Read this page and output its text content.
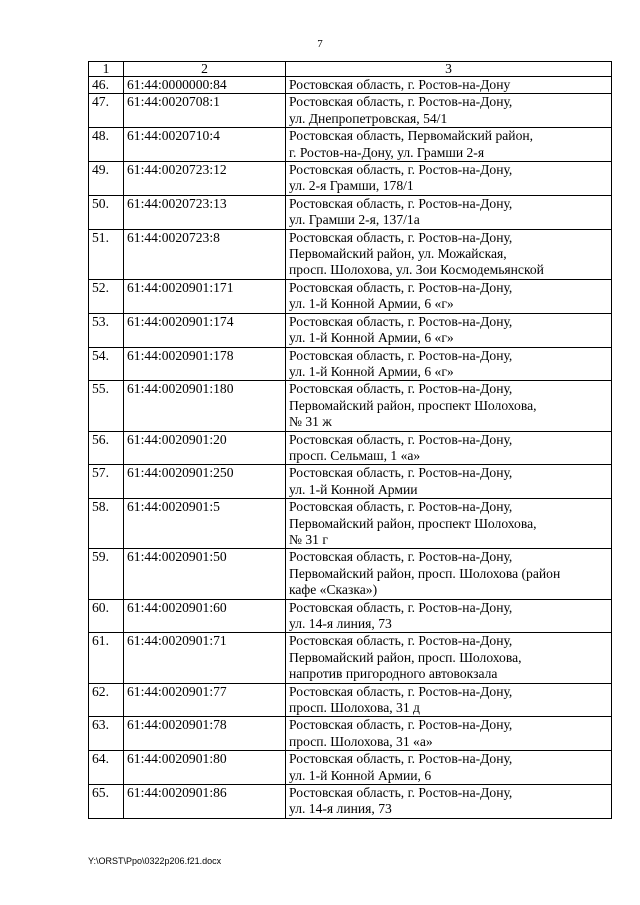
7
1	2	3
46.	61:44:0000000:84	Ростовская область, г. Ростов-на-Дону

47.	61:44:0020708:1	Ростовская область, г. Ростов-на-Дону,
ул. Днепропетровская, 54/1

48.	61:44:0020710:4	Ростовская область, Первомайский район,
г. Ростов-на-Дону, ул. Грамши 2-я

49.	61:44:0020723:12	Ростовская область, г. Ростов-на-Дону,
ул. 2-я Грамши, 178/1

50.	61:44:0020723:13	Ростовская область, г. Ростов-на-Дону,
ул. Грамши 2-я, 137/1а

51.	61:44:0020723:8	Ростовская область, г. Ростов-на-Дону,
Первомайский район, ул. Можайская,
просп. Шолохова, ул. Зои Космодемьянской

52.	61:44:0020901:171	Ростовская область, г. Ростов-на-Дону,
ул. 1-й Конной Армии, 6 «г»

53.	61:44:0020901:174	Ростовская область, г. Ростов-на-Дону,
ул. 1-й Конной Армии, 6 «г»

54.	61:44:0020901:178	Ростовская область, г. Ростов-на-Дону,
ул. 1-й Конной Армии, 6 «г»

55.	61:44:0020901:180	Ростовская область, г. Ростов-на-Дону,
Первомайский район, проспект Шолохова,
№ 31 ж

56.	61:44:0020901:20	Ростовская область, г. Ростов-на-Дону,
просп. Сельмаш, 1 «а»

57.	61:44:0020901:250	Ростовская область, г. Ростов-на-Дону,
ул. 1-й Конной Армии

58.	61:44:0020901:5	Ростовская область, г. Ростов-на-Дону,
Первомайский район, проспект Шолохова,
№ 31 г

59.	61:44:0020901:50	Ростовская область, г. Ростов-на-Дону,
Первомайский район, просп. Шолохова (район
кафе «Сказка»)

60.	61:44:0020901:60	Ростовская область, г. Ростов-на-Дону,
ул. 14-я линия, 73

61.	61:44:0020901:71	Ростовская область, г. Ростов-на-Дону,
Первомайский район, просп. Шолохова,
напротив пригородного автовокзала

62.	61:44:0020901:77	Ростовская область, г. Ростов-на-Дону,
просп. Шолохова, 31 д

63.	61:44:0020901:78	Ростовская область, г. Ростов-на-Дону,
просп. Шолохова, 31 «а»

64.	61:44:0020901:80	Ростовская область, г. Ростов-на-Дону,
ул. 1-й Конной Армии, 6

65.	61:44:0020901:86	Ростовская область, г. Ростов-на-Дону,
ул. 14-я линия, 73
Y:\ORST\Ppo\0322p206.f21.docx
